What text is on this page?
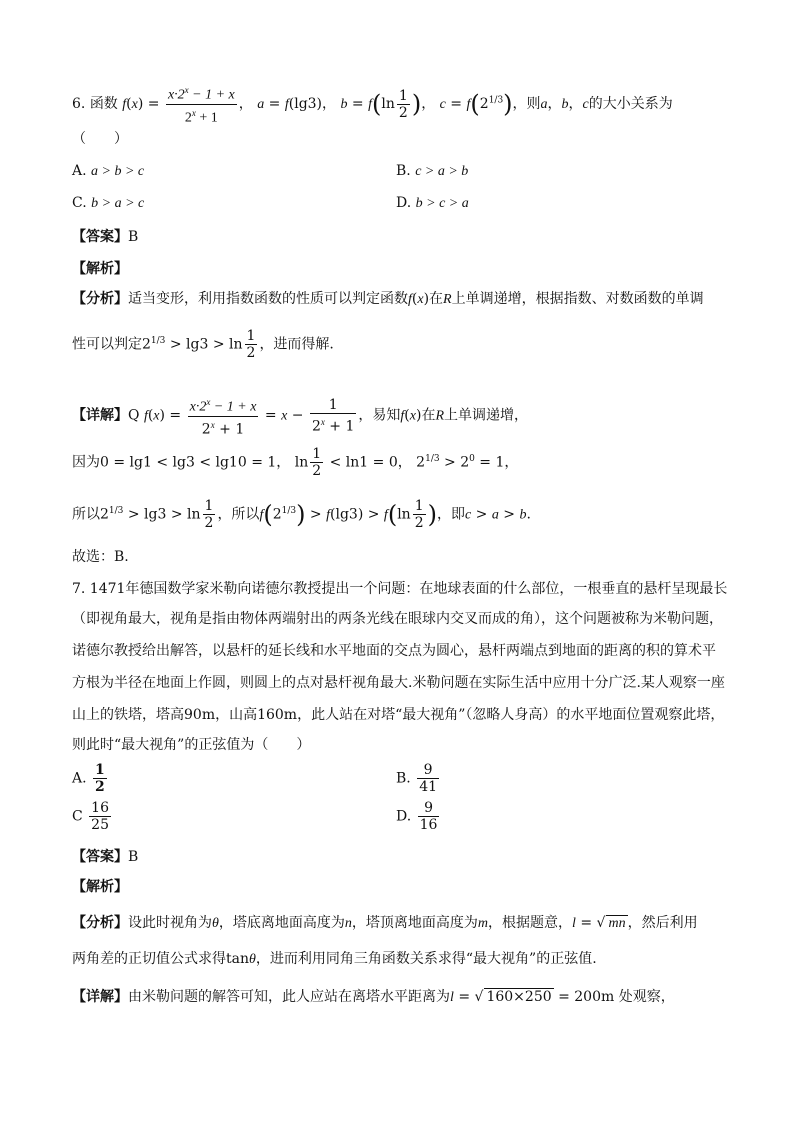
6. 函数 $f(x) = \frac{x\cdot 2^x - 1 + x}{2^x + 1}$ ， a = f(lg3)， $b = f(\ln \frac{1}{2}$ )， $c = f(2^{1/3})$，则a，b，c的大小关系为
（　　）
A. a > b > c	B. c > a > b
C. b > a > c	D. b > c > a
【答案】B
【解析】
【分析】适当变形，利用指数函数的性质可以判定函数f(x)在R上单调递增，根据指数、对数函数的单调
性可以判定$2^{1/3} > \lg 3 > \ln \frac{1}{2}$ ，进而得解.
【详解】Q $f(x) = \frac{x\cdot 2^x - 1 + x}{2^x + 1} = x - \frac{1}{2^x + 1}$ ，易知f(x)在R上单调递增，
因为0 = lg1 < lg3 < lg10 = 1， $\ln \frac{1}{2} < \ln 1 = 0$， $2^{1/3} > 2^0 = 1$，
所以$2^{1/3} > \lg 3 > \ln \frac{1}{2}$ ，所以$f(2^{1/3}) > f(\lg 3) > f(\ln \frac{1}{2}$ )，即c > a > b.
故选：B.
7. 1471年德国数学家米勒向诺德尔教授提出一个问题：在地球表面的什么部位，一根垂直的悬杆呈现最长
（即视角最大，视角是指由物体两端射出的两条光线在眼球内交叉而成的角），这个问题被称为米勒问题，
诺德尔教授给出解答，以悬杆的延长线和水平地面的交点为圆心，悬杆两端点到地面的距离的积的算术平
方根为半径在地面上作圆，则圆上的点对悬杆视角最大.米勒问题在实际生活中应用十分广泛.某人观察一座
山上的铁塔，塔高90m，山高160m，此人站在对塔“最大视角”（忽略人身高）的水平地面位置观察此塔，
则此时“最大视角”的正弦值为（　　）
A. $\frac{1}{2}$	B. $\frac{9}{41}$
C $\frac{16}{25}$	D. $\frac{9}{16}$
【答案】B
【解析】
【分析】设此时视角为θ，塔底离地面高度为n，塔顶离地面高度为m，根据题意，l = √ mn ，然后利用
两角差的正切值公式求得tanθ，进而利用同角三角函数关系求得“最大视角”的正弦值.
【详解】由米勒问题的解答可知，此人应站在离塔水平距离为l = √ 160×250 = 200m 处观察，
